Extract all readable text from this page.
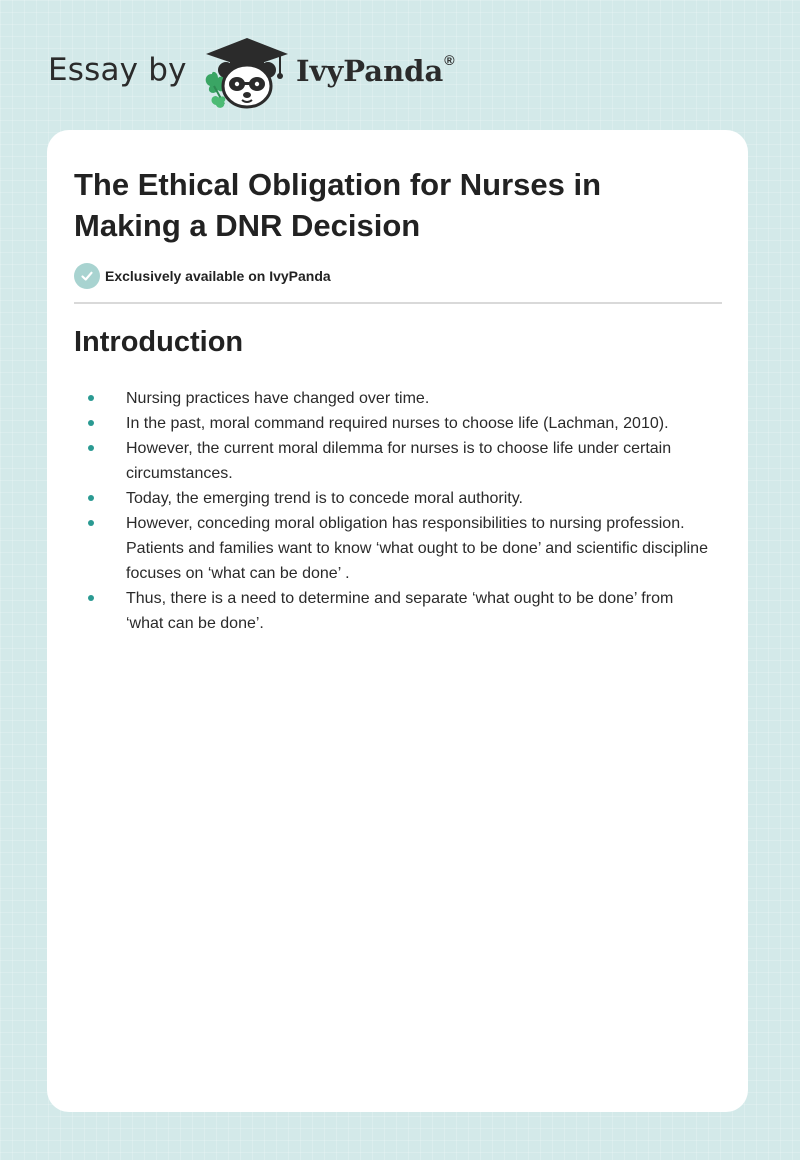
Essay by	IvyPanda®
The Ethical Obligation for Nurses in Making a DNR Decision
Exclusively available on IvyPanda
Introduction
Nursing practices have changed over time.
In the past, moral command required nurses to choose life (Lachman, 2010).
However, the current moral dilemma for nurses is to choose life under certain circumstances.
Today, the emerging trend is to concede moral authority.
However, conceding moral obligation has responsibilities to nursing profession. Patients and families want to know ‘what ought to be done’ and scientific discipline focuses on ‘what can be done’ .
Thus, there is a need to determine and separate ‘what ought to be done’ from ‘what can be done’.
